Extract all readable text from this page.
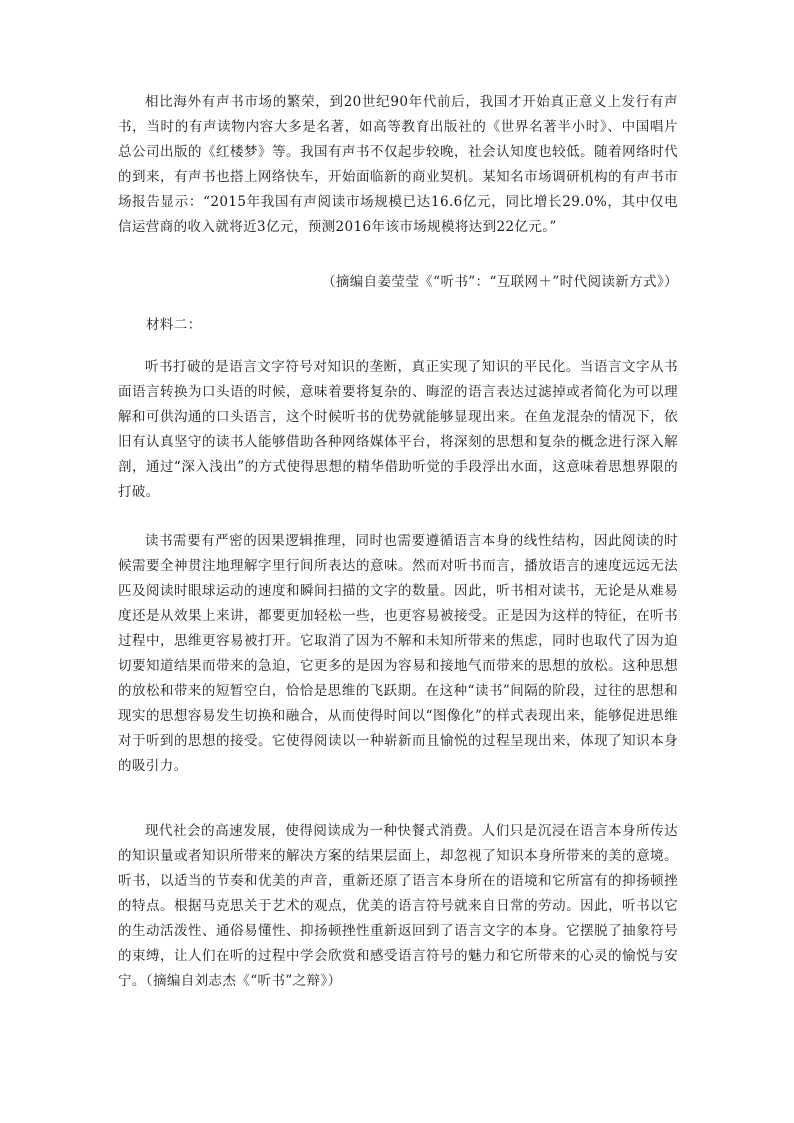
相比海外有声书市场的繁荣，到20世纪90年代前后，我国才开始真正意义上发行有声书，当时的有声读物内容大多是名著，如高等教育出版社的《世界名著半小时》、中国唱片总公司出版的《红楼梦》等。我国有声书不仅起步较晚，社会认知度也较低。随着网络时代的到来，有声书也搭上网络快车，开始面临新的商业契机。某知名市场调研机构的有声书市场报告显示：“2015年我国有声阅读市场规模已达16.6亿元，同比增长29.0%，其中仅电信运营商的收入就将近3亿元，预测2016年该市场规模将达到22亿元。”

（摘编自姜莹莹《“听书”：“互联网＋”时代阅读新方式》）
材料二：

听书打破的是语言文字符号对知识的垄断，真正实现了知识的平民化。当语言文字从书面语言转换为口头语的时候，意味着要将复杂的、晦涩的语言表达过滤掉或者简化为可以理解和可供沟通的口头语言，这个时候听书的优势就能够显现出来。在鱼龙混杂的情况下，依旧有认真坚守的读书人能够借助各种网络媒体平台，将深刻的思想和复杂的概念进行深入解剖，通过“深入浅出”的方式使得思想的精华借助听觉的手段浮出水面，这意味着思想界限的打破。

读书需要有严密的因果逻辑推理，同时也需要遵循语言本身的线性结构，因此阅读的时候需要全神贯注地理解字里行间所表达的意味。然而对听书而言，播放语言的速度远远无法匹及阅读时眼球运动的速度和瞬间扫描的文字的数量。因此，听书相对读书，无论是从难易度还是从效果上来讲，都要更加轻松一些，也更容易被接受。正是因为这样的特征，在听书过程中，思维更容易被打开。它取消了因为不解和未知所带来的焦虑，同时也取代了因为迫切要知道结果而带来的急迫，它更多的是因为容易和接地气而带来的思想的放松。这种思想的放松和带来的短暂空白，恰恰是思维的飞跃期。在这种“读书”间隔的阶段，过往的思想和现实的思想容易发生切换和融合，从而使得时间以“图像化”的样式表现出来，能够促进思维对于听到的思想的接受。它使得阅读以一种崭新而且愉悦的过程呈现出来，体现了知识本身的吸引力。

现代社会的高速发展，使得阅读成为一种快餐式消费。人们只是沉浸在语言本身所传达的知识量或者知识所带来的解决方案的结果层面上，却忽视了知识本身所带来的美的意境。听书，以适当的节奏和优美的声音，重新还原了语言本身所在的语境和它所富有的抑扬顿挫的特点。根据马克思关于艺术的观点，优美的语言符号就来自日常的劳动。因此，听书以它的生动活泼性、通俗易懂性、抑扬顿挫性重新返回到了语言文字的本身。它摆脱了抽象符号的束缚，让人们在听的过程中学会欣赏和感受语言符号的魅力和它所带来的心灵的愉悦与安宁。（摘编自刘志杰《“听书”之辩》）
